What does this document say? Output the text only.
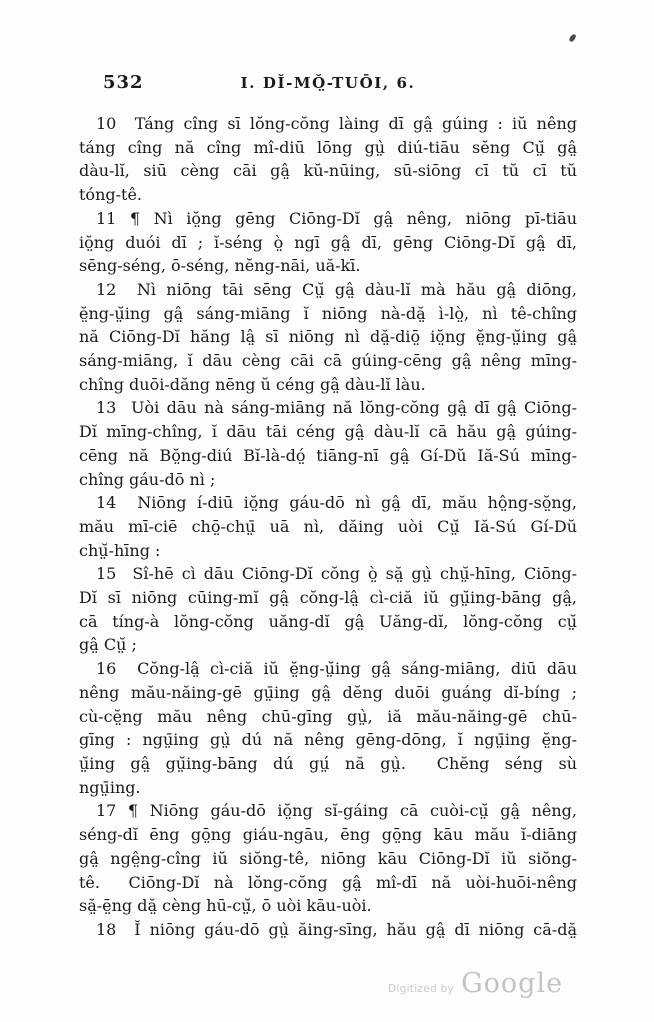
532	I. DĬ-MŎ̤-TUŌI, 6.
10  Táng cîng sī lŏng-cŏng làing dī gâ̤ gúing : iŭ nêng
táng cîng nă cîng mî-diū lōng gṳ̀ diú-tiāu sĕng Cṳ̆ gâ̤
dàu-lĭ, siū cèng cāi gâ̤ kŭ-nūing, sū-siōng cī tŭ cī tŭ
tóng-tê.
11 ¶ Nì iŏ̤ng gēng Ciōng-Dĭ gâ̤ nêng, niōng pī-tiāu
iŏ̤ng duói dī ; ĭ-séng ò̤ ngī gâ̤ dī, gēng Ciōng-Dĭ gâ̤ dī,
sēng-séng, ō-séng, nĕng-nāi, uă-kī.
12  Nì niōng tāi sēng Cṳ̆ gâ̤ dàu-lĭ mà hău gâ̤ diōng,
ĕ̤ng-ṳ̆ing gâ̤ sáng-miāng ĭ niōng nà-dă̤ ì-lò̤, nì tê-chîng
nă Ciōng-Dĭ hăng lâ̤ sī niōng nì dă̤-diō̤ iŏ̤ng ĕ̤ng-ṳ̆ing gâ̤
sáng-miāng, ĭ dāu cèng cāi cā gúing-cēng gâ̤ nêng mīng-
chîng duōi-dăng nēng ŭ céng gâ̤ dàu-lĭ làu.
13  Uòi dāu nà sáng-miāng nă lŏng-cŏng gâ̤ dī gâ̤ Ciōng-
Dĭ mīng-chîng, ĭ dāu tāi céng gâ̤ dàu-lĭ cā hău gâ̤ gúing-
cēng nă Bŏ̤ng-diú Bĭ-là-dó̤ tiāng-nī gâ̤ Gí-Dŭ Iă-Sú mīng-
chîng gáu-dō nì ;
14  Niōng í-diū iŏ̤ng gáu-dō nì gâ̤ dī, mău hô̤ng-sŏ̤ng,
mău mī-ciē chō̤-chṳ̄ uā nì, dăing uòi Cṳ̆ Iă-Sú Gí-Dŭ
chṳ̆-hīng :
15  Sî-hē cì dāu Ciōng-Dĭ cŏng ò̤ să̤ gṳ̀ chṳ̆-hīng, Ciōng-
Dĭ sī niōng cūing-mĭ gâ̤ cŏng-lâ̤ cì-ciă iŭ gṳ̆ing-bāng gâ̤,
cā tíng-à lŏng-cŏng uăng-dĭ gâ̤ Uăng-dĭ, lŏng-cŏng cṳ̆
gâ̤ Cṳ̆ ;
16  Cŏng-lâ̤ cì-ciă iŭ ĕ̤ng-ṳ̆ing gâ̤ sáng-miāng, diū dāu
nêng mău-năing-gē gṳ̄ing gâ̤ dĕng duōi guáng dĭ-bíng ;
cù-cĕ̤ng mău nêng chū-gīng gṳ̀, iă mău-năing-gē chū-
gīng : ngṳ̄ing gṳ̀ dú nă nêng gēng-dōng, ĭ ngṳ̄ing ĕ̤ng-
ṳ̆ing gâ̤ gṳ̆ing-bāng dú gṳ́ nă gṳ̀.  Chĕng séng sù
ngṳ̄ing.
17 ¶ Niōng gáu-dō iŏ̤ng sĭ-gáing cā cuòi-cṳ̆ gâ̤ nêng,
séng-dĭ ēng gō̤ng giáu-ngāu, ēng gō̤ng kāu mău ĭ-diāng
gâ̤ ngê̤ng-cîng iŭ siŏng-tê, niōng kāu Ciōng-Dĭ iŭ siŏng-
tê.  Ciōng-Dĭ nà lŏng-cŏng gâ̤ mî-dī nă uòi-huōi-nêng
să̤-ē̤ng dă̤ cèng hū-cṳ̆, ō uòi kāu-uòi.
18  Ĭ niōng gáu-dō gṳ̀ ăing-sīng, hău gâ̤ dī niōng cā-dă̤
Digitized by Google
